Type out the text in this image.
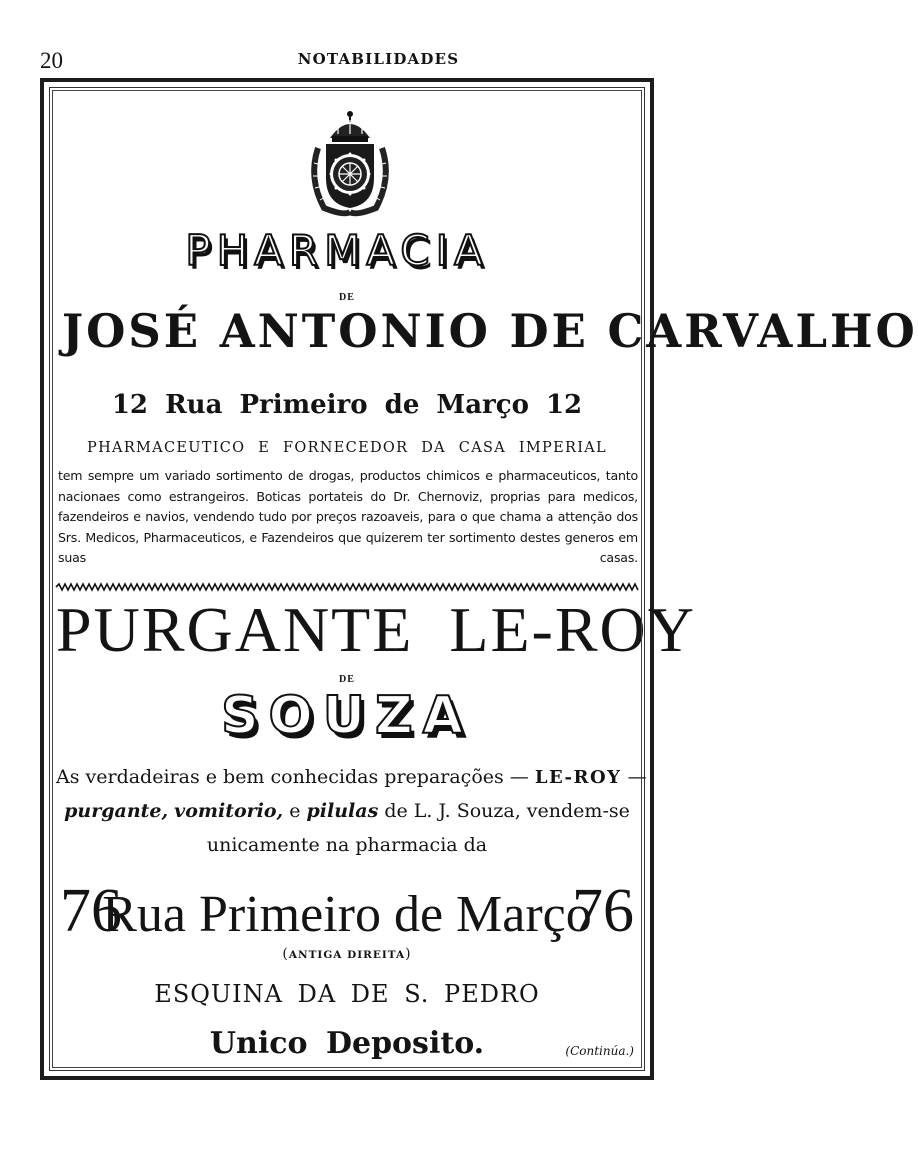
20	NOTABILIDADES

PHARMACIA

DE

JOSÉ ANTONIO DE CARVALHO

12 Rua Primeiro de Março 12

PHARMACEUTICO E FORNECEDOR DA CASA IMPERIAL

tem sempre um variado sortimento de drogas, productos chimicos e pharmaceuticos, tanto nacionaes como estrangeiros. Boticas portateis do Dr. Chernoviz, proprias para medicos, fazendeiros e navios, vendendo tudo por preços razoaveis, para o que chama a attenção dos Srs. Medicos, Pharmaceuticos, e Fazendeiros que quizerem ter sortimento destes generos em suas casas.

PURGANTE LE-ROY

DE

SOUZA

As verdadeiras e bem conhecidas preparações — LE-ROY —

purgante, vomitorio, e pilulas de L. J. Souza, vendem-se

unicamente na pharmacia da

76
Rua Primeiro de Março
76

(ANTIGA DIREITA)

ESQUINA DA DE S. PEDRO

Unico Deposito.	(Continúa.)
